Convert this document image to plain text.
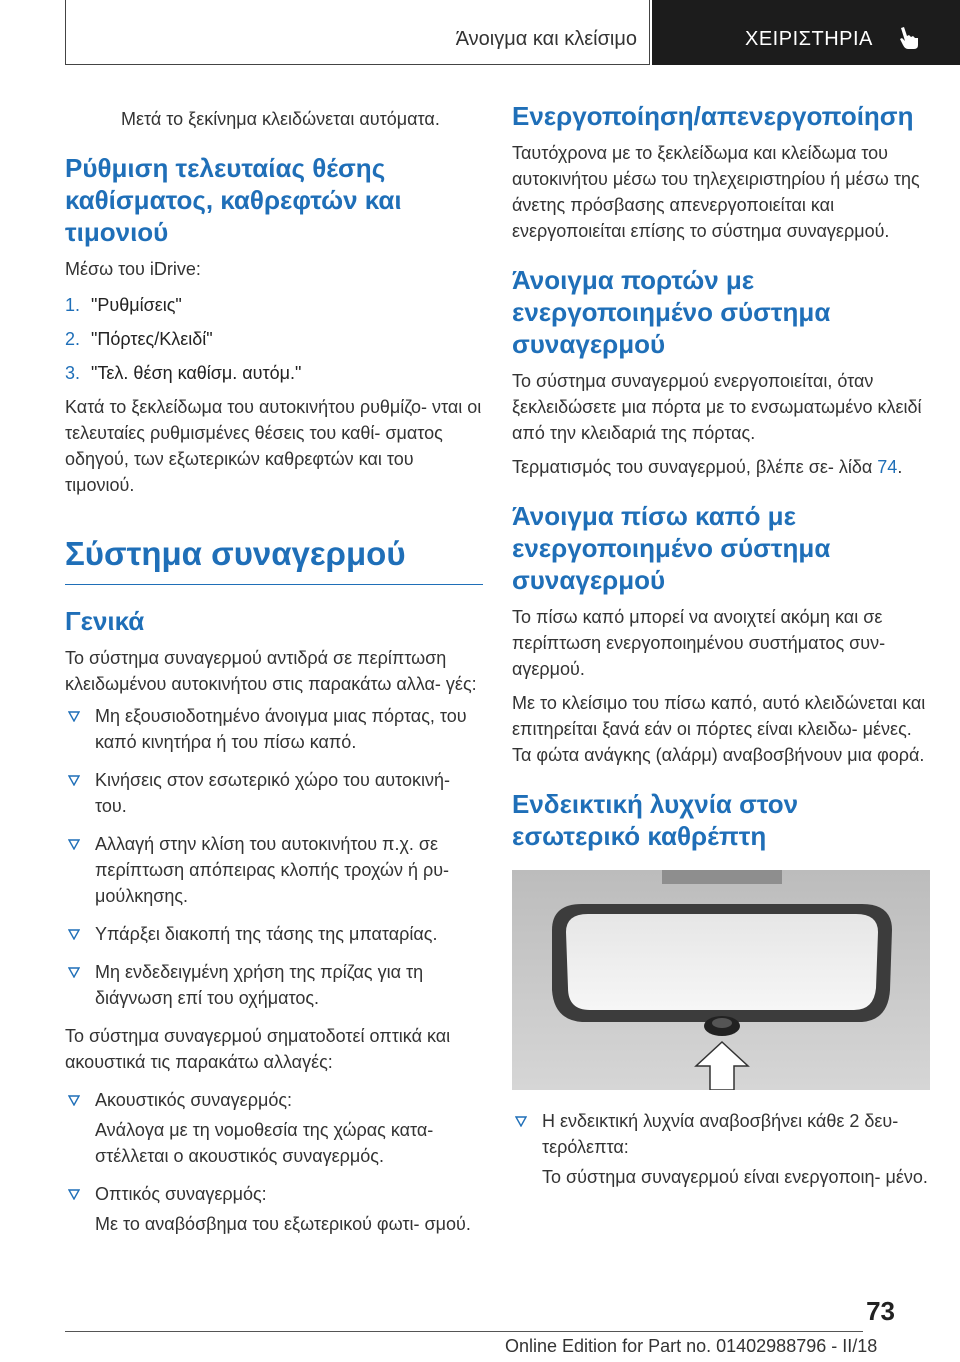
Άνοιγμα και κλείσιμο	ΧΕΙΡΙΣΤΗΡΙΑ

Μετά το ξεκίνημα κλειδώνεται αυτόματα.

Ρύθμιση τελευταίας θέσης καθίσματος, καθρεφτών και τιμονιού

Μέσω του iDrive:

1. "Ρυθμίσεις"
2. "Πόρτες/Κλειδί"
3. "Τελ. θέση καθίσμ. αυτόμ."

Κατά το ξεκλείδωμα του αυτοκινήτου ρυθμίζο- νται οι τελευταίες ρυθμισμένες θέσεις του καθί- σματος οδηγού, των εξωτερικών καθρεφτών και του τιμονιού.

Σύστημα συναγερμού
Γενικά

Το σύστημα συναγερμού αντιδρά σε περίπτωση κλειδωμένου αυτοκινήτου στις παρακάτω αλλα- γές:

Μη εξουσιοδοτημένο άνοιγμα μιας πόρτας, του καπό κινητήρα ή του πίσω καπό.
Κινήσεις στον εσωτερικό χώρο του αυτοκινή- του.
Αλλαγή στην κλίση του αυτοκινήτου π.χ. σε περίπτωση απόπειρας κλοπής τροχών ή ρυ- μούλκησης.
Υπάρξει διακοπή της τάσης της μπαταρίας.
Μη ενδεδειγμένη χρήση της πρίζας για τη διάγνωση επί του οχήματος.

Το σύστημα συναγερμού σηματοδοτεί οπτικά και ακουστικά τις παρακάτω αλλαγές:

Ακουστικός συναγερμός:

Ανάλογα με τη νομοθεσία της χώρας κατα- στέλλεται ο ακουστικός συναγερμός.

Οπτικός συναγερμός:

Με το αναβόσβημα του εξωτερικού φωτι- σμού.

Ενεργοποίηση/απενεργοποίηση

Ταυτόχρονα με το ξεκλείδωμα και κλείδωμα του αυτοκινήτου μέσω του τηλεχειριστηρίου ή μέσω της άνετης πρόσβασης απενεργοποιείται και ενεργοποιείται επίσης το σύστημα συναγερμού.

Άνοιγμα πορτών με ενεργοποιημένο σύστημα συναγερμού

Το σύστημα συναγερμού ενεργοποιείται, όταν ξεκλειδώσετε μια πόρτα με το ενσωματωμένο κλειδί από την κλειδαριά της πόρτας.

Τερματισμός του συναγερμού, βλέπε σε- λίδα 74.

Άνοιγμα πίσω καπό με ενεργοποιημένο σύστημα συναγερμού

Το πίσω καπό μπορεί να ανοιχτεί ακόμη και σε περίπτωση ενεργοποιημένου συστήματος συν- αγερμού.

Με το κλείσιμο του πίσω καπό, αυτό κλειδώνεται και επιτηρείται ξανά εάν οι πόρτες είναι κλειδω- μένες. Τα φώτα ανάγκης (αλάρμ) αναβοσβήνουν μια φορά.

Ενδεικτική λυχνία στον εσωτερικό καθρέπτη
Η ενδεικτική λυχνία αναβοσβήνει κάθε 2 δευ- τερόλεπτα:

Το σύστημα συναγερμού είναι ενεργοποιη- μένο.

73
Online Edition for Part no. 01402988796 - II/18
